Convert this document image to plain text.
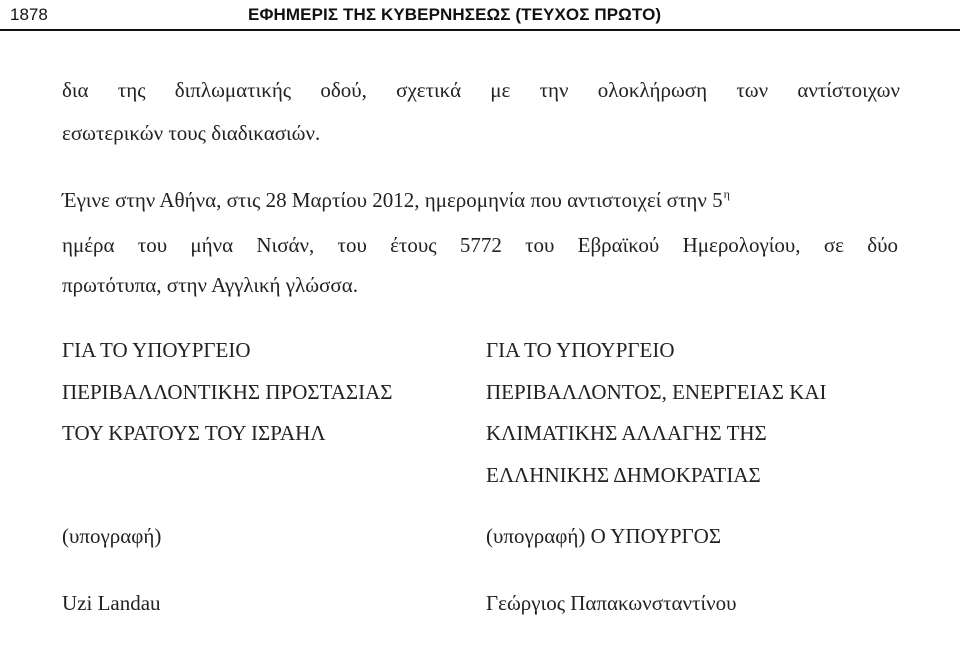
1878	ΕΦΗΜΕΡΙΣ ΤΗΣ ΚΥΒΕΡΝΗΣΕΩΣ (ΤΕΥΧΟΣ ΠΡΩΤΟ)
δια της διπλωματικής οδού, σχετικά με την ολοκλήρωση των αντίστοιχων
εσωτερικών τους διαδικασιών.
Έγινε στην Αθήνα, στις 28 Μαρτίου 2012, ημερομηνία που αντιστοιχεί στην $5^\eta$
ημέρα του μήνα Νισάν, του έτους 5772 του Εβραϊκού Ημερολογίου, σε δύο
πρωτότυπα, στην Αγγλική γλώσσα.
ΓΙΑ ΤΟ ΥΠΟΥΡΓΕΙΟ
ΠΕΡΙΒΑΛΛΟΝΤΙΚΗΣ ΠΡΟΣΤΑΣΙΑΣ
ΤΟΥ ΚΡΑΤΟΥΣ ΤΟΥ ΙΣΡΑΗΛ
(υπογραφή)
Uzi Landau
ΓΙΑ ΤΟ ΥΠΟΥΡΓΕΙΟ
ΠΕΡΙΒΑΛΛΟΝΤΟΣ, ΕΝΕΡΓΕΙΑΣ ΚΑΙ
ΚΛΙΜΑΤΙΚΗΣ ΑΛΛΑΓΗΣ ΤΗΣ
ΕΛΛΗΝΙΚΗΣ ΔΗΜΟΚΡΑΤΙΑΣ
(υπογραφή) Ο ΥΠΟΥΡΓΟΣ
Γεώργιος Παπακωνσταντίνου
